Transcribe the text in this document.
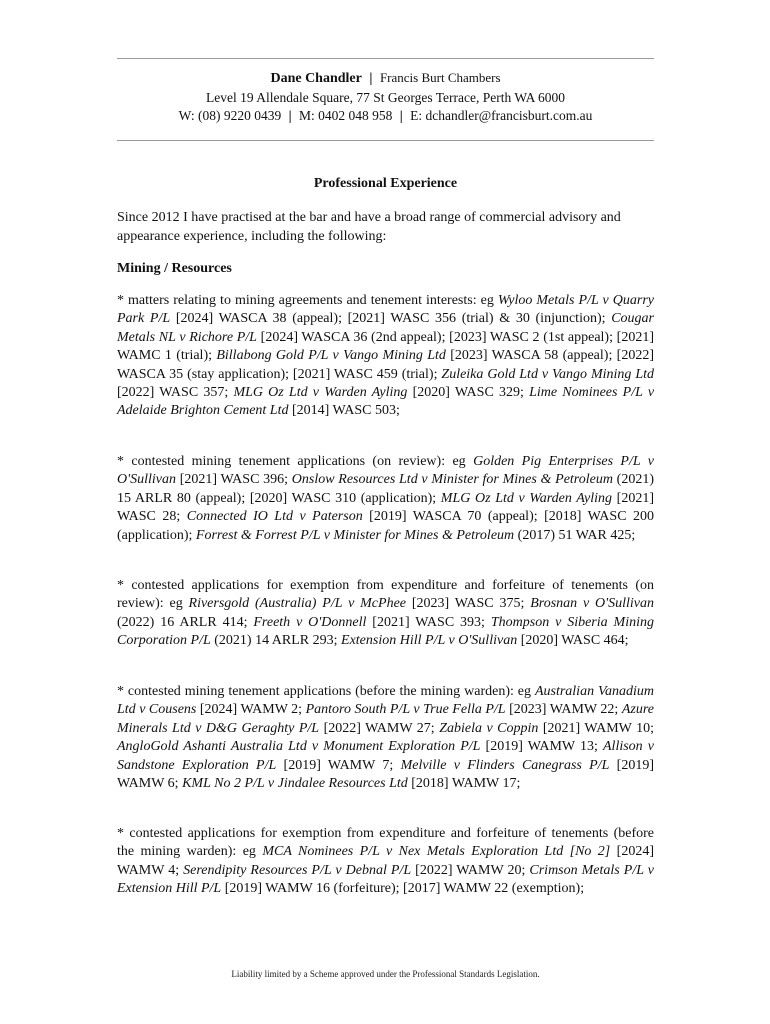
Dane Chandler | Francis Burt Chambers
Level 19 Allendale Square, 77 St Georges Terrace, Perth WA 6000
W: (08) 9220 0439 | M: 0402 048 958 | E: dchandler@francisburt.com.au
Professional Experience
Since 2012 I have practised at the bar and have a broad range of commercial advisory and appearance experience, including the following:
Mining / Resources
* matters relating to mining agreements and tenement interests: eg Wyloo Metals P/L v Quarry Park P/L [2024] WASCA 38 (appeal); [2021] WASC 356 (trial) & 30 (injunction); Cougar Metals NL v Richore P/L [2024] WASCA 36 (2nd appeal); [2023] WASC 2 (1st appeal); [2021] WAMC 1 (trial); Billabong Gold P/L v Vango Mining Ltd [2023] WASCA 58 (appeal); [2022] WASCA 35 (stay application); [2021] WASC 459 (trial); Zuleika Gold Ltd v Vango Mining Ltd [2022] WASC 357; MLG Oz Ltd v Warden Ayling [2020] WASC 329; Lime Nominees P/L v Adelaide Brighton Cement Ltd [2014] WASC 503;
* contested mining tenement applications (on review): eg Golden Pig Enterprises P/L v O'Sullivan [2021] WASC 396; Onslow Resources Ltd v Minister for Mines & Petroleum (2021) 15 ARLR 80 (appeal); [2020] WASC 310 (application); MLG Oz Ltd v Warden Ayling [2021] WASC 28; Connected IO Ltd v Paterson [2019] WASCA 70 (appeal); [2018] WASC 200 (application); Forrest & Forrest P/L v Minister for Mines & Petroleum (2017) 51 WAR 425;
* contested applications for exemption from expenditure and forfeiture of tenements (on review): eg Riversgold (Australia) P/L v McPhee [2023] WASC 375; Brosnan v O'Sullivan (2022) 16 ARLR 414; Freeth v O'Donnell [2021] WASC 393; Thompson v Siberia Mining Corporation P/L (2021) 14 ARLR 293; Extension Hill P/L v O'Sullivan [2020] WASC 464;
* contested mining tenement applications (before the mining warden): eg Australian Vanadium Ltd v Cousens [2024] WAMW 2; Pantoro South P/L v True Fella P/L [2023] WAMW 22; Azure Minerals Ltd v D&G Geraghty P/L [2022] WAMW 27; Zabiela v Coppin [2021] WAMW 10; AngloGold Ashanti Australia Ltd v Monument Exploration P/L [2019] WAMW 13; Allison v Sandstone Exploration P/L [2019] WAMW 7; Melville v Flinders Canegrass P/L [2019] WAMW 6; KML No 2 P/L v Jindalee Resources Ltd [2018] WAMW 17;
* contested applications for exemption from expenditure and forfeiture of tenements (before the mining warden): eg MCA Nominees P/L v Nex Metals Exploration Ltd [No 2] [2024] WAMW 4; Serendipity Resources P/L v Debnal P/L [2022] WAMW 20; Crimson Metals P/L v Extension Hill P/L [2019] WAMW 16 (forfeiture); [2017] WAMW 22 (exemption);
Liability limited by a Scheme approved under the Professional Standards Legislation.
